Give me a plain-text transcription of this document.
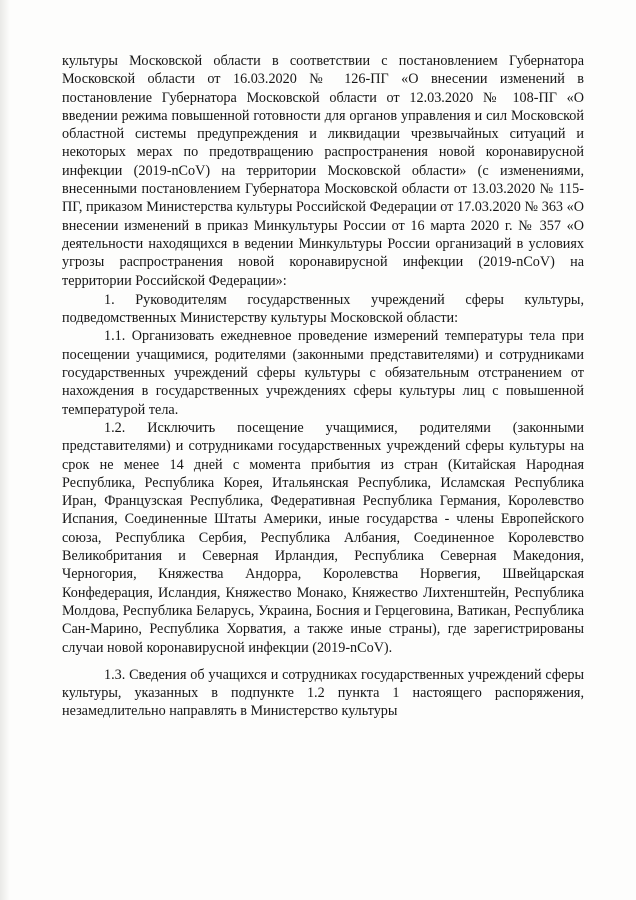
культуры Московской области в соответствии с постановлением Губернатора Московской области от 16.03.2020 № 126-ПГ «О внесении изменений в постановление Губернатора Московской области от 12.03.2020 № 108-ПГ «О введении режима повышенной готовности для органов управления и сил Московской областной системы предупреждения и ликвидации чрезвычайных ситуаций и некоторых мерах по предотвращению распространения новой коронавирусной инфекции (2019-nCoV) на территории Московской области» (с изменениями, внесенными постановлением Губернатора Московской области от 13.03.2020 № 115-ПГ, приказом Министерства культуры Российской Федерации от 17.03.2020 № 363 «О внесении изменений в приказ Минкультуры России от 16 марта 2020 г. № 357 «О деятельности находящихся в ведении Минкультуры России организаций в условиях угрозы распространения новой коронавирусной инфекции (2019-nCoV) на территории Российской Федерации»:

1. Руководителям государственных учреждений сферы культуры, подведомственных Министерству культуры Московской области:

1.1. Организовать ежедневное проведение измерений температуры тела при посещении учащимися, родителями (законными представителями) и сотрудниками государственных учреждений сферы культуры с обязательным отстранением от нахождения в государственных учреждениях сферы культуры лиц с повышенной температурой тела.

1.2. Исключить посещение учащимися, родителями (законными представителями) и сотрудниками государственных учреждений сферы культуры на срок не менее 14 дней с момента прибытия из стран (Китайская Народная Республика, Республика Корея, Итальянская Республика, Исламская Республика Иран, Французская Республика, Федеративная Республика Германия, Королевство Испания, Соединенные Штаты Америки, иные государства - члены Европейского союза, Республика Сербия, Республика Албания, Соединенное Королевство Великобритания и Северная Ирландия, Республика Северная Македония, Черногория, Княжества Андорра, Королевства Норвегия, Швейцарская Конфедерация, Исландия, Княжество Монако, Княжество Лихтенштейн, Республика Молдова, Республика Беларусь, Украина, Босния и Герцеговина, Ватикан, Республика Сан-Марино, Республика Хорватия, а также иные страны), где зарегистрированы случаи новой коронавирусной инфекции (2019-nCoV).

1.3. Сведения об учащихся и сотрудниках государственных учреждений сферы культуры, указанных в подпункте 1.2 пункта 1 настоящего распоряжения, незамедлительно направлять в Министерство культуры
